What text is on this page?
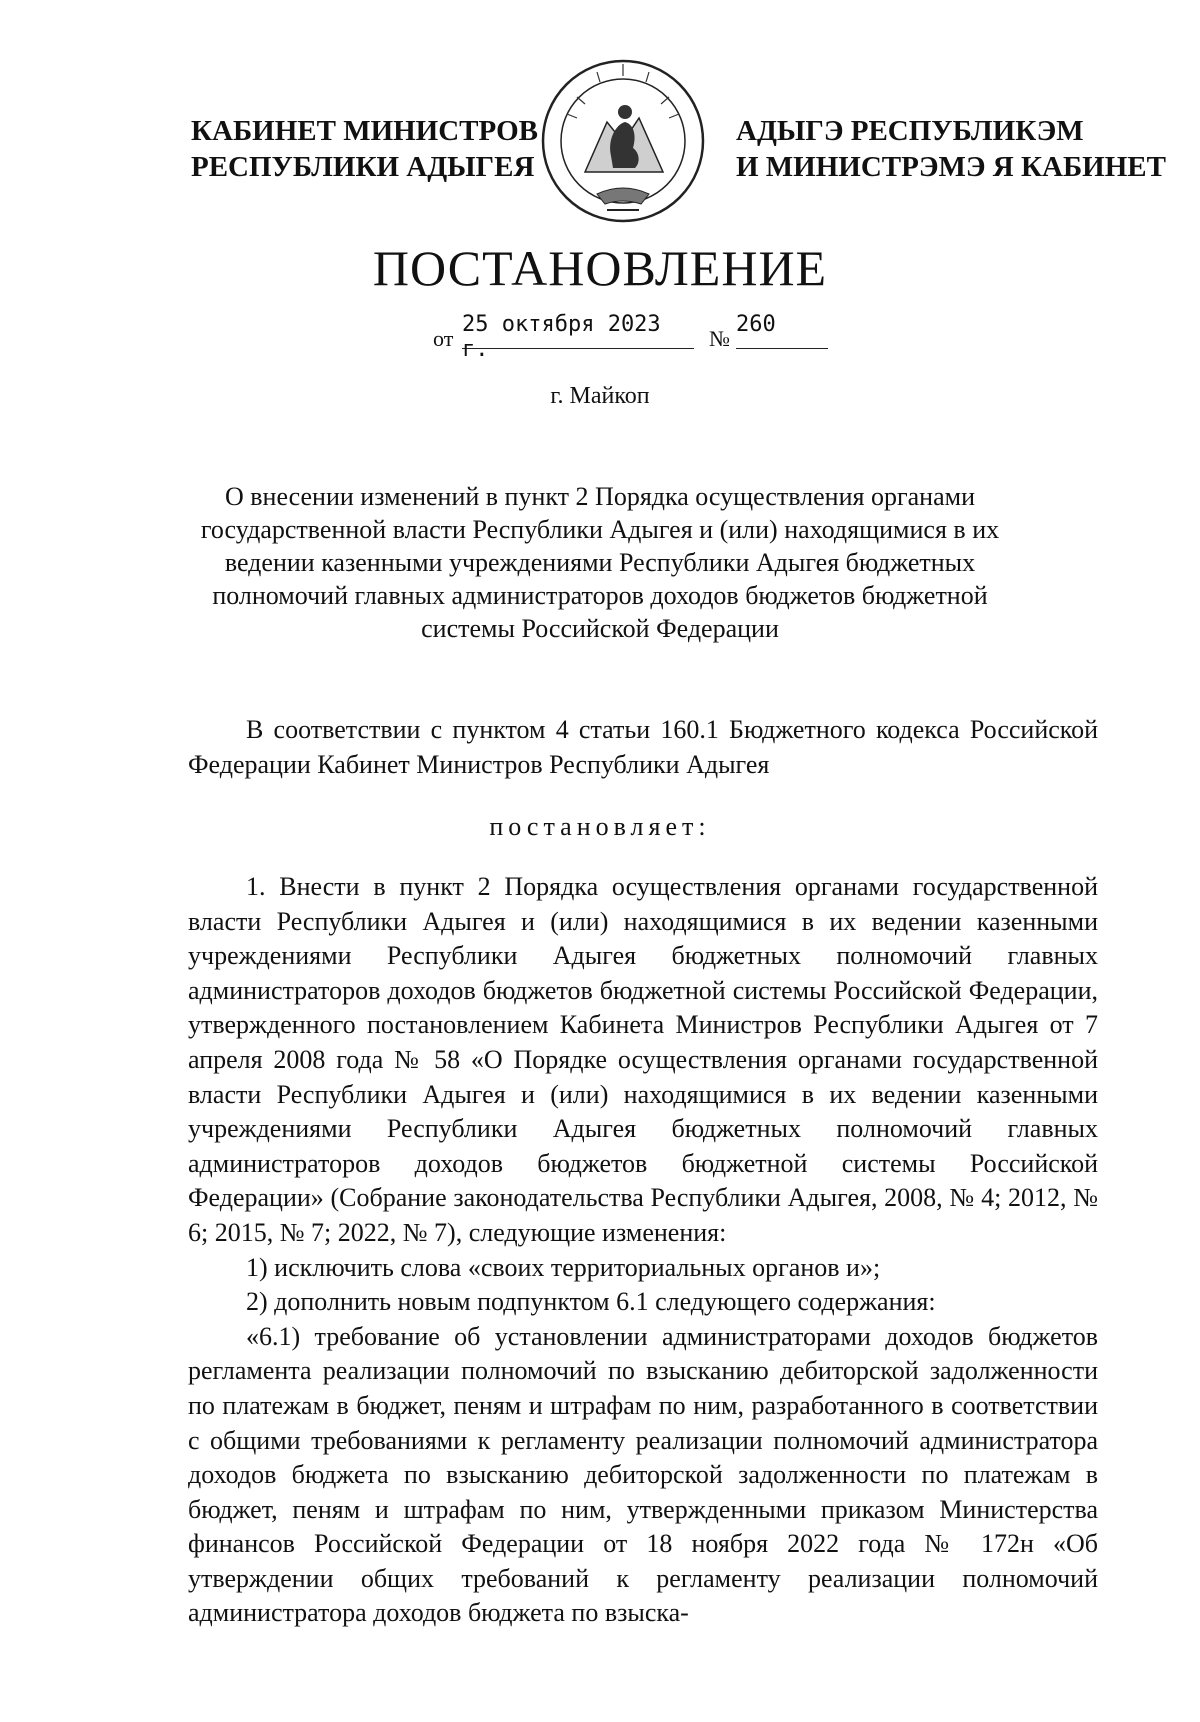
КАБИНЕТ МИНИСТРОВ
РЕСПУБЛИКИ АДЫГЕЯ
АДЫГЭ РЕСПУБЛИКЭМ
И МИНИСТРЭМЭ Я КАБИНЕТ
ПОСТАНОВЛЕНИЕ
от
25 октября 2023 г.	№
260
г. Майкоп
О внесении изменений в пункт 2 Порядка осуществления органами
государственной власти Республики Адыгея и (или) находящимися в их
ведении казенными учреждениями Республики Адыгея бюджетных
полномочий главных администраторов доходов бюджетов бюджетной
системы Российской Федерации

В соответствии с пунктом 4 статьи 160.1 Бюджетного кодекса Российской Федерации Кабинет Министров Республики Адыгея

постановляет:

1. Внести в пункт 2 Порядка осуществления органами государственной власти Республики Адыгея и (или) находящимися в их ведении казенными учреждениями Республики Адыгея бюджетных полномочий главных администраторов доходов бюджетов бюджетной системы Российской Федерации, утвержденного постановлением Кабинета Министров Республики Адыгея от 7 апреля 2008 года № 58 «О Порядке осуществления органами государственной власти Республики Адыгея и (или) находящимися в их ведении казенными учреждениями Республики Адыгея бюджетных полномочий главных администраторов доходов бюджетов бюджетной системы Российской Федерации» (Собрание законодательства Республики Адыгея, 2008, № 4; 2012, № 6; 2015, № 7; 2022, № 7), следующие изменения:

1) исключить слова «своих территориальных органов и»;

2) дополнить новым подпунктом 6.1 следующего содержания:

«6.1) требование об установлении администраторами доходов бюджетов регламента реализации полномочий по взысканию дебиторской задолженности по платежам в бюджет, пеням и штрафам по ним, разработанного в соответствии с общими требованиями к регламенту реализации полномочий администратора доходов бюджета по взысканию дебиторской задолженности по платежам в бюджет, пеням и штрафам по ним, утвержденными приказом Министерства финансов Российской Федерации от 18 ноября 2022 года № 172н «Об утверждении общих требований к регламенту реализации полномочий администратора доходов бюджета по взыска-
